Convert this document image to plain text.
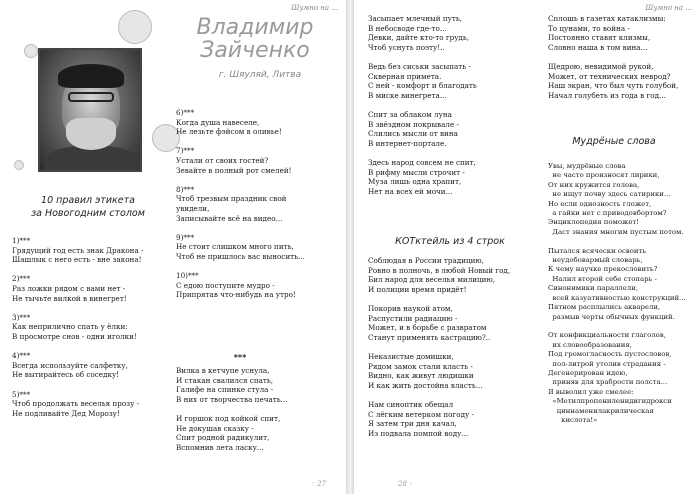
Шумно на ...
Владимир
Зайченко
г. Шяуляй, Литва
10 правил этикета
за Новогодним столом
1)***
Грядущий год есть знак Дракона -
Шашлык с него есть - вне закона!

2)***
Раз ложки рядом с вами нет -
Не тычьте вилкой в винегрет!

3)***
Как неприлично спать у ёлки:
В просмотре снов - одни иголки!

4)***
Всегда используйте салфетку,
Не вытирайтесь об соседку!

5)***
Чтоб продолжать веселья прозу -
Не подливайте Дед Морозу!
6)***
Когда душа навеселе,
Не лезьте фэйсом в оливье!

7)***
Устали от своих гостей?
Зевайте в полный рот смелей!

8)***
Чтоб трезвым праздник свой
увидели,
Записывайте всё на видео...

9)***
Не стоит слишком много пить,
Чтоб не пришлось вас выносить...

10)***
С едою поступите мудро -
Припрятав что-нибудь на утро!
***
Вилка в кетчупе уснула,
И стакан свалился спать,
Галифе на спинке стула -
В них от творчества печать...

И горшок под койкой спит,
Не докушав сказку -
Спит родной радикулит,
Вспомнив лета ласку...
◦ 27
Шумно на ...
Засыпает млечный путь,
В небосводе где-то...
Девки, дайте кто-то грудь,
Чтоб уснуть поэту!..

Ведь без сиськи засыпать -
Скверная примета.
С ней - комфорт и благодать
В миске винегрета...

Спит за облаком луна
В звёздном покрывале -
Слились мысли от вина
В интернет-портале.

Здесь народ совсем не спит,
В рифму мысли строчит -
Муза лишь одна храпит,
Нет на всех ей мочи...
КОТктейль из 4 строк
Соблюдая в России традицию,
Ровно в полночь, в любой Новый год,
Бил народ для веселья милицию,
И полиции время придёт!

Покорив наукой атом,
Распустили радиацию -
Может, и в борьбе с развратом
Станут применять кастрацию?..

Неказистые домишки,
Рядом замок стали класть -
Видно, как живут людишки
И как жить достойна власть...

Нам синоптик обещал
С лёгким ветерком погоду -
Я затем три дня качал,
Из подвала помпой воду...
Сплошь в газетах катаклизмы:
То цунами, то война -
Постоянно ставят клизмы,
Словно наша в том вина...

Щедрою, невидимой рукой,
Может, от технических неврод?
Наш экран, что был чуть голубой,
Начал голубеть из года в год...
Мудрёные слова
Увы, мудрёные слова
не часто произносят лирики,
От них кружится голова,
не ищут почву здесь сатирики...
Но если одиозность гложет,
а гайки нет с приводовбортом?
Энциклопедия поможет!
Даст знания многим пустым потом.

Пытался всячески освоить
неудобовармый словарь,
К чему научке прекословить?
Налил второй себе стопарь -
Синонимики параллели,
всей казуативностью конструкций...
Пятном расплылись акварели,
размыв черты обычных функций.

От конфикциальности глаголов,
их словообразования,
Под громогласность пустословов,
пол-литрой утолив страдания -
Дегенерирован идею,
приняв для храбрости полста...
Я выволил уже смелее:
«Метилпропениленидигидрокси
циннаменилакрилическая
кислота!»
28 ◦
